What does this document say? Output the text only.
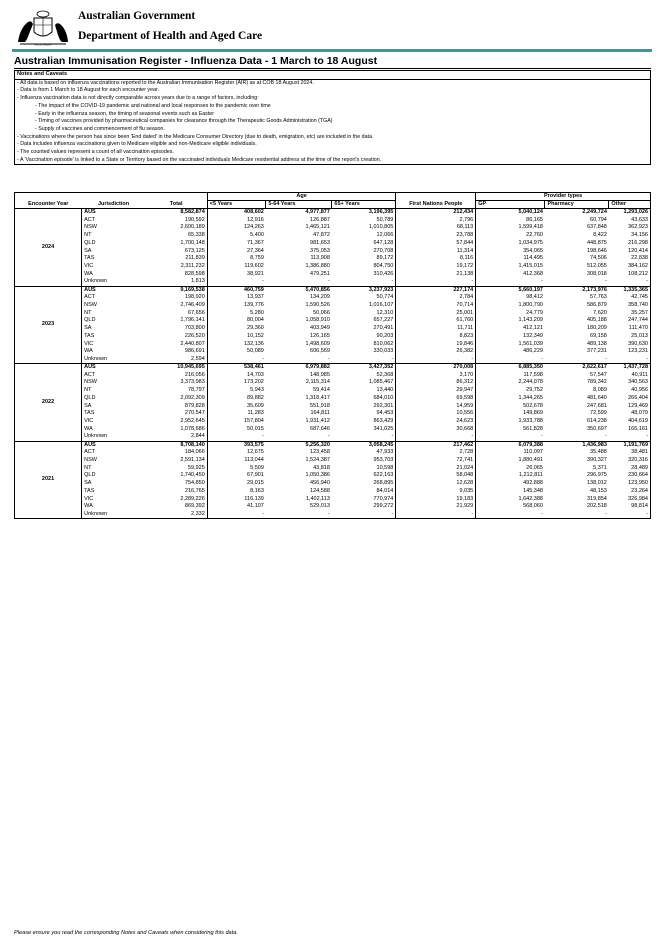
AUSTRALIA
Australian Government
Department of Health and Aged Care
Australian Immunisation Register - Influenza Data - 1 March to 18 August
Notes and Caveats
- All data is based on influenza vaccinations reported to the Australian Immunisation Register (AIR) as at COB 18 August 2024.
- Data is from 1 March to 18 August for each encounter year.
- Influenza vaccination data is not directly comparable across years due to a range of factors, including:
- The impact of the COVID-19 pandemic and national and local responses to the pandemic over time
- Early in the influenza season, the timing of seasonal events such as Easter
- Timing of vaccines provided by pharmaceutical companies for clearance through the Therapeutic Goods Administration (TGA)
- Supply of vaccines and commencement of flu season.
- Vaccinations where the person has since been 'End dated' in the Medicare Consumer Directory (due to death, emigration, etc) are included in the data.
- Data includes influenza vaccinations given to Medicare eligible and non-Medicare eligible individuals.
- The counted values represent a count of all vaccination episodes.
- A 'Vaccination episode' is linked to a State or Territory based on the vaccinated individuals Medicare residential address at the time of the report's creation.
			Age				Provider types		
Encounter Year	Jurisdiction	Total	<5 Years	5-64 Years	65+ Years	First Nations People	GP	Pharmacy	Other
2024	AUS	8,582,874	408,602	4,977,877	3,196,395	212,434	5,040,124	2,249,724	1,293,026
	ACT	190,592	12,916	126,887	50,789	2,796	86,165	60,794	43,633
	NSW	2,600,189	124,263	1,465,121	1,010,805	68,113	1,599,418	637,848	362,923
	NT	65,338	5,400	47,872	12,066	23,788	22,760	8,422	34,156
	QLD	1,700,148	71,367	981,653	647,128	57,844	1,034,975	448,875	216,298
	SA	673,125	27,364	375,053	270,708	11,314	354,065	198,646	120,414
	TAS	211,839	8,759	113,908	89,172	8,116	114,495	74,506	22,838
	VIC	2,311,232	119,602	1,386,880	804,750	19,172	1,415,015	512,055	384,162
	WA	828,598	38,921	479,251	310,426	21,138	412,368	308,018	108,212
	Unknown	1,813	-	-	-	-	-	-	-
2023	AUS	9,169,538	460,759	5,470,856	3,237,923	227,174	5,660,197	2,173,976	1,335,365
	ACT	198,920	13,937	134,209	50,774	2,784	98,412	57,763	42,745
	NSW	2,746,409	139,776	1,590,526	1,016,107	70,714	1,800,790	586,879	358,740
	NT	67,656	5,280	50,066	12,310	25,001	24,779	7,620	35,257
	QLD	1,796,141	80,004	1,058,910	657,227	61,760	1,143,209	405,188	247,744
	SA	703,800	29,360	403,949	270,491	11,711	412,121	180,209	111,470
	TAS	226,520	10,152	126,165	90,203	8,823	132,349	69,158	25,013
	VIC	2,440,807	132,136	1,498,609	810,062	19,846	1,561,039	489,138	390,630
	WA	986,691	50,089	606,569	330,033	26,382	486,229	377,231	123,231
	Unknown	2,594	-	-	-	-	-	-	-
2022	AUS	10,945,695	538,461	6,979,882	3,427,352	270,008	6,885,350	2,622,617	1,437,728
	ACT	216,056	14,703	148,985	52,368	3,170	117,598	57,547	40,911
	NSW	3,373,983	173,202	2,115,314	1,085,467	86,312	2,244,078	789,342	340,563
	NT	78,797	5,943	59,414	13,440	29,947	29,752	8,089	40,956
	QLD	2,092,309	89,882	1,318,417	684,010	69,598	1,344,265	481,640	266,404
	SA	879,828	35,609	551,918	292,301	14,959	502,678	247,681	129,469
	TAS	270,547	11,283	164,811	94,453	10,556	149,869	72,599	48,079
	VIC	2,952,645	157,804	1,931,412	863,429	24,623	1,933,788	614,238	404,619
	WA	1,078,686	50,015	687,646	341,025	30,668	561,828	350,697	166,161
	Unknown	2,844	-	-	-	-	-	-	-
2021	AUS	8,708,140	393,575	5,256,320	3,058,245	217,462	6,079,388	1,436,983	1,191,769
	ACT	184,066	12,675	123,458	47,933	2,728	110,097	35,488	38,481
	NSW	2,591,134	113,044	1,524,387	953,703	72,741	1,880,491	390,327	320,316
	NT	59,925	5,509	43,818	10,598	21,024	26,065	5,371	28,489
	QLD	1,740,450	67,901	1,050,386	622,163	58,048	1,212,811	296,975	230,664
	SA	754,850	29,015	456,940	268,895	12,628	492,888	138,012	123,950
	TAS	216,765	8,163	124,588	84,014	9,035	145,348	48,153	23,264
	VIC	2,289,226	116,139	1,402,113	770,974	19,183	1,642,388	319,854	326,984
	WA	869,392	41,107	529,013	299,272	21,929	568,060	202,518	98,814
	Unknown	2,332	-	-	-	-	-	-	-
Please ensure you read the corresponding Notes and Caveats when considering this data.
